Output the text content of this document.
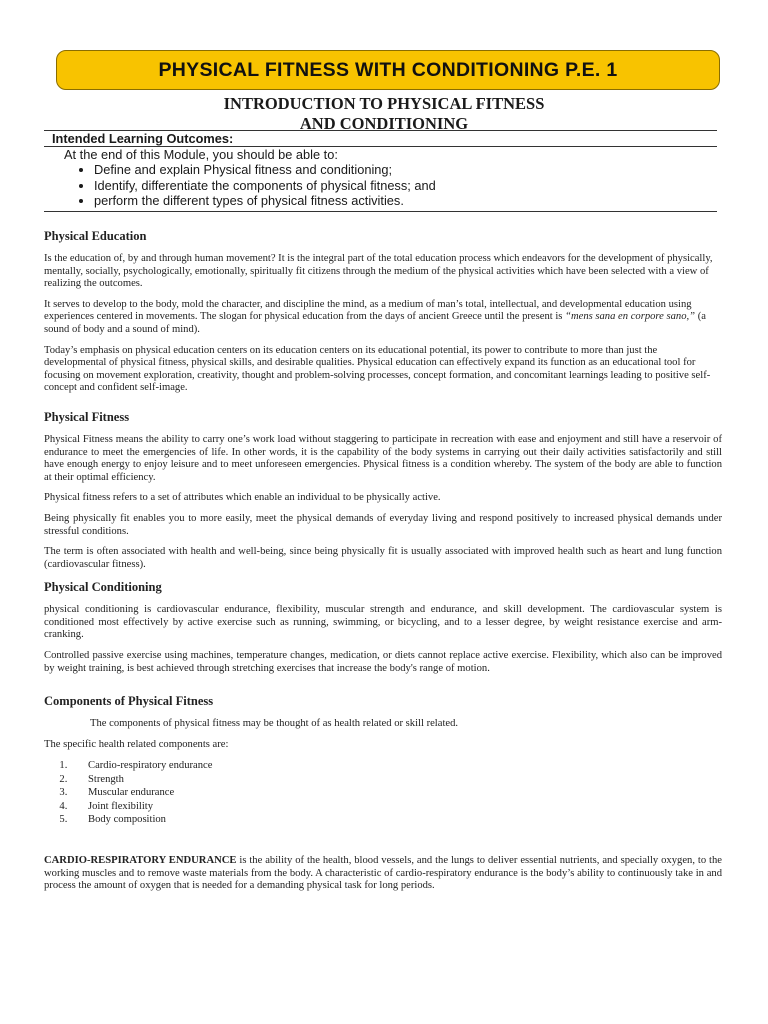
PHYSICAL FITNESS WITH CONDITIONING P.E. 1
INTRODUCTION TO PHYSICAL FITNESS
AND CONDITIONING
Intended Learning Outcomes:
At the end of this Module, you should be able to:
• Define and explain Physical fitness and conditioning;
• Identify, differentiate the components of physical fitness; and
• perform the different types of physical fitness activities.
Physical Education

Is the education of, by and through human movement? It is the integral part of the total education process which endeavors for the development of physically, mentally, socially, psychologically, emotionally, spiritually fit citizens through the medium of the physical activities which have been selected with a view of realizing the outcomes.

It serves to develop to the body, mold the character, and discipline the mind, as a medium of man’s total, intellectual, and developmental education using experiences centered in movements. The slogan for physical education from the days of ancient Greece until the present is “mens sana en corpore sano,” (a sound of body and a sound of mind).

Today’s emphasis on physical education centers on its education centers on its educational potential, its power to contribute to more than just the developmental of physical fitness, physical skills, and desirable qualities. Physical education can effectively expand its function as an educational tool for focusing on movement exploration, creativity, thought and problem-solving processes, concept formation, and concomitant learnings leading to positive self-concept and confident self-image.

Physical Fitness

Physical Fitness means the ability to carry one’s work load without staggering to participate in recreation with ease and enjoyment and still have a reservoir of endurance to meet the emergencies of life. In other words, it is the capability of the body systems in carrying out their daily activities satisfactorily and still have enough energy to enjoy leisure and to meet unforeseen emergencies. Physical fitness is a condition whereby. The system of the body are able to function at their optimal efficiency.

Physical fitness refers to a set of attributes which enable an individual to be physically active.

Being physically fit enables you to more easily, meet the physical demands of everyday living and respond positively to increased physical demands under stressful conditions.

The term is often associated with health and well-being, since being physically fit is usually associated with improved health such as heart and lung function (cardiovascular fitness).

Physical Conditioning

physical conditioning is cardiovascular endurance, flexibility, muscular strength and endurance, and skill development. The cardiovascular system is conditioned most effectively by active exercise such as running, swimming, or bicycling, and to a lesser degree, by weight resistance exercise and arm-cranking.

Controlled passive exercise using machines, temperature changes, medication, or diets cannot replace active exercise. Flexibility, which also can be improved by weight training, is best achieved through stretching exercises that increase the body's range of motion.

Components of Physical Fitness

The components of physical fitness may be thought of as health related or skill related.

The specific health related components are:

1. Cardio-respiratory endurance
2. Strength
3. Muscular endurance
4. Joint flexibility
5. Body composition

CARDIO-RESPIRATORY ENDURANCE is the ability of the health, blood vessels, and the lungs to deliver essential nutrients, and specially oxygen, to the working muscles and to remove waste materials from the body. A characteristic of cardio-respiratory endurance is the body’s ability to continuously take in and process the amount of oxygen that is needed for a demanding physical task for long periods.
